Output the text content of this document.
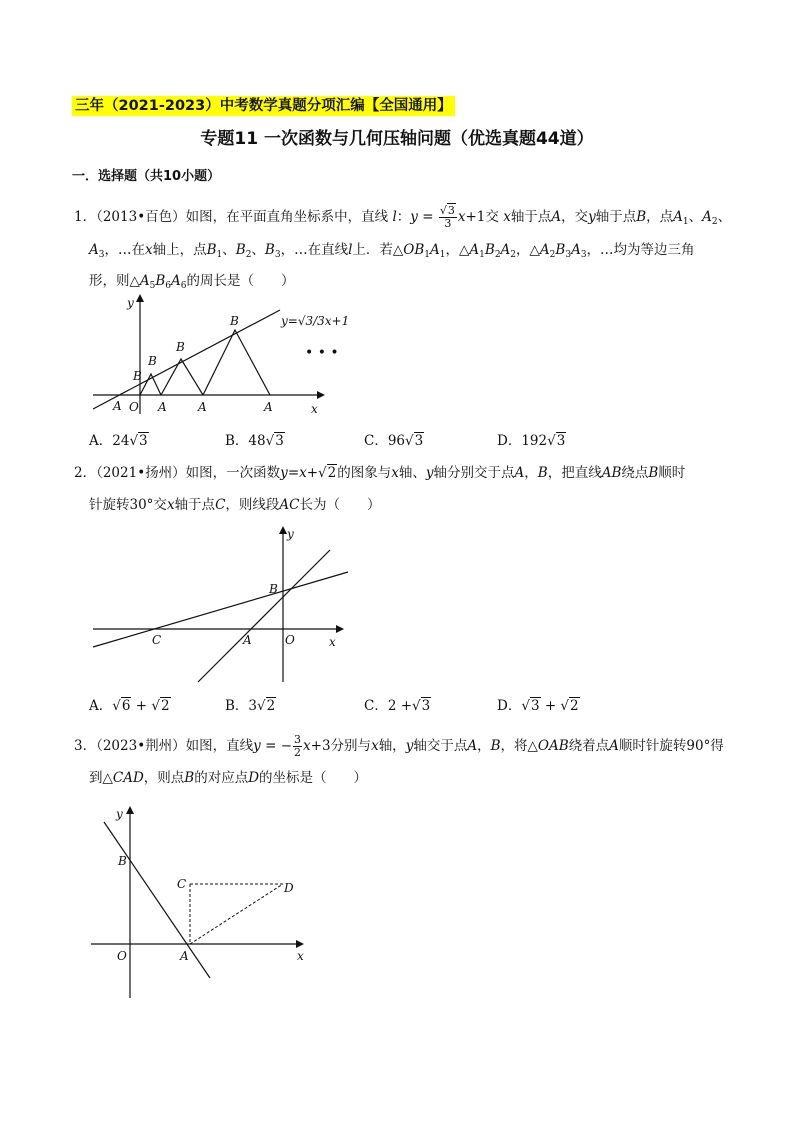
三年（2021-2023）中考数学真题分项汇编【全国通用】
专题11 一次函数与几何压轴问题（优选真题44道）
一．选择题（共10小题）
1．（2013•百色）如图，在平面直角坐标系中，直线 l：$y = \frac{√3}{3} x+1$交 x轴于点A，交y轴于点B，点$A_1$、$A_2$、
$A_3$，…在x轴上，点$B_1$、$B_2$、$B_3$，…在直线l上．若$\triangle OB_1A_1$，$\triangle A_1B_2A_2$，$\triangle A_2B_3A_3$，…均为等边三角
形，则$\triangle A_5B_6A_6$的周长是（　　）
y
B
A O
B
B
B
A	A	A	x
y=√3/3x+1
• • •
A．24√3	B．48√3	C．96√3	D．192√3
2．（2021•扬州）如图，一次函数y=x+√2的图象与x轴、y轴分别交于点A，B，把直线AB绕点B顺时
针旋转30°交x轴于点C，则线段AC长为（　　）
y
B
C	A	O	x
A．√6 + √2	B．3√2	C．2 +√3	D．√3 + √2
3．（2023•荆州）如图，直线y = − $\frac{3}{2} x+3$分别与x轴，y轴交于点A，B，将△OAB绕着点A顺时针旋转90°得
到△CAD，则点B的对应点D的坐标是（　　）
y
B
C	D
O	A	x
